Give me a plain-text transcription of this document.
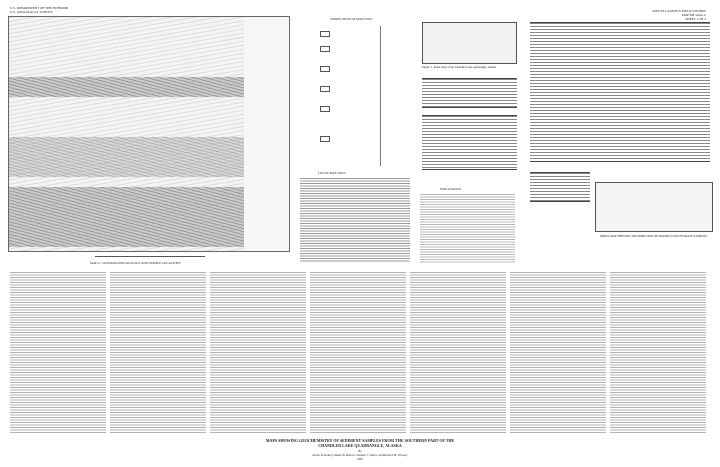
U.S. DEPARTMENT OF THE INTERIOR
U.S. GEOLOGICAL SURVEY	MISCELLANEOUS FIELD STUDIES
MAP MF-2242-C
SHEET 1 OF 2
MAP A - GENERALIZED GEOLOGY AND SAMPLE LOCALITIES
CORRELATION OF MAP UNITS
LIST OF MAP UNITS
EXPLANATION
Figure 1. Index map of the Chandler Lake quadrangle, Alaska
INDEX MAP SHOWING DISTRIBUTION OF PANNED CONCENTRATE SAMPLES
MAPS SHOWING GEOCHEMISTRY OF SEDIMENT SAMPLES FROM THE SOUTHERN PART OF THE
CHANDLER LAKE QUADRANGLE, ALASKA
By
Karen D. Kelley, Denise B. Bartow, Stephen J. Sutley, and Richard M. O'Leary
1993
